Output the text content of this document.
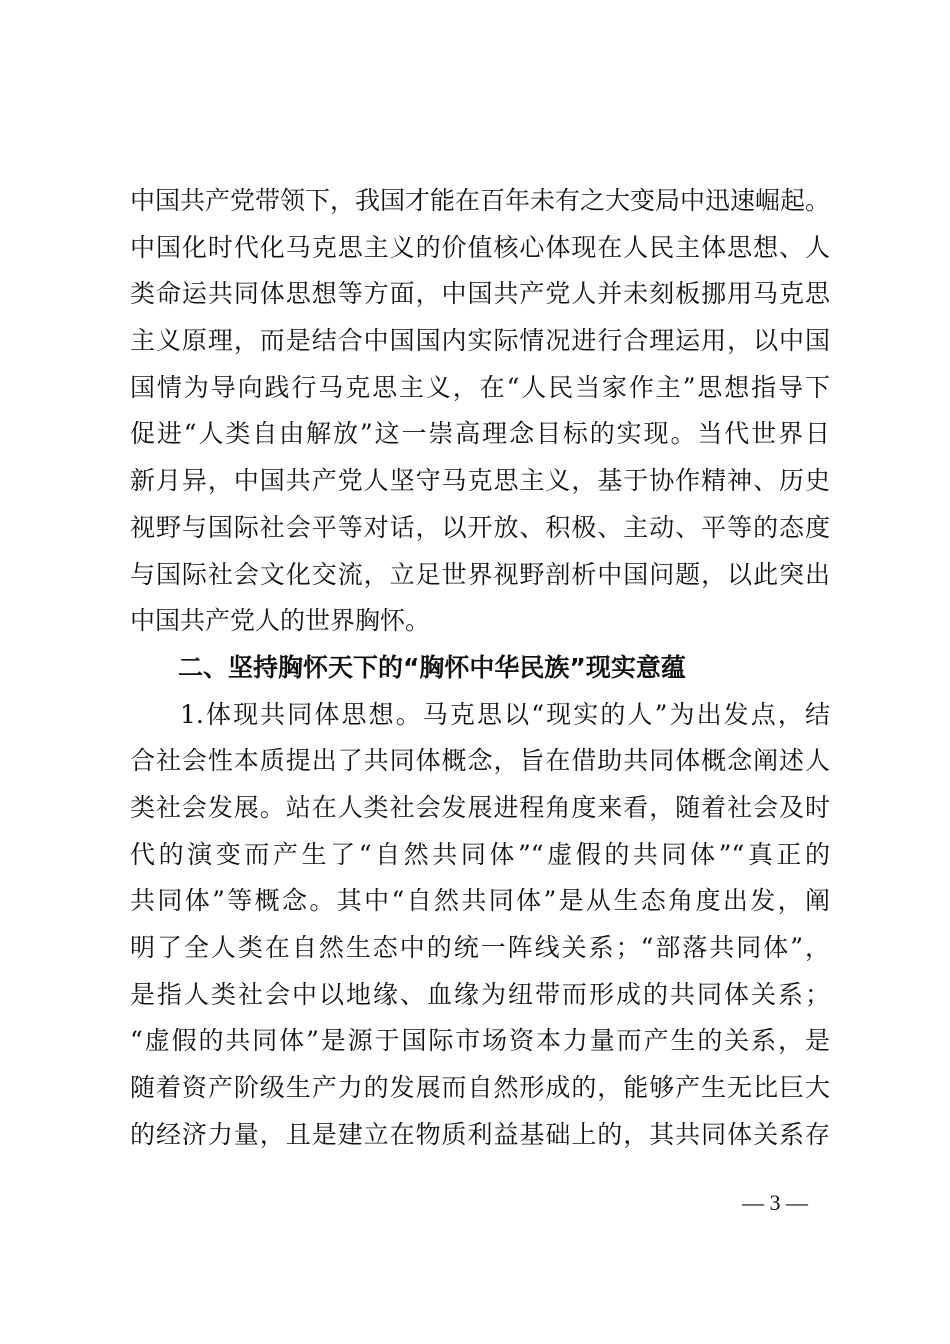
中国共产党带领下，我国才能在百年未有之大变局中迅速崛起。
中国化时代化马克思主义的价值核心体现在人民主体思想、人
类命运共同体思想等方面，中国共产党人并未刻板挪用马克思
主义原理，而是结合中国国内实际情况进行合理运用，以中国
国情为导向践行马克思主义，在“人民当家作主”思想指导下
促进“人类自由解放”这一崇高理念目标的实现。当代世界日
新月异，中国共产党人坚守马克思主义，基于协作精神、历史
视野与国际社会平等对话，以开放、积极、主动、平等的态度
与国际社会文化交流，立足世界视野剖析中国问题，以此突出
中国共产党人的世界胸怀。
二、坚持胸怀天下的“胸怀中华民族”现实意蕴
1.体现共同体思想。马克思以“现实的人”为出发点，结
合社会性本质提出了共同体概念，旨在借助共同体概念阐述人
类社会发展。站在人类社会发展进程角度来看，随着社会及时
代的演变而产生了“自然共同体”“虚假的共同体”“真正的
共同体”等概念。其中“自然共同体”是从生态角度出发，阐
明了全人类在自然生态中的统一阵线关系；“部落共同体”，
是指人类社会中以地缘、血缘为纽带而形成的共同体关系；
“虚假的共同体”是源于国际市场资本力量而产生的关系，是
随着资产阶级生产力的发展而自然形成的，能够产生无比巨大
的经济力量，且是建立在物质利益基础上的，其共同体关系存
— 3 —
